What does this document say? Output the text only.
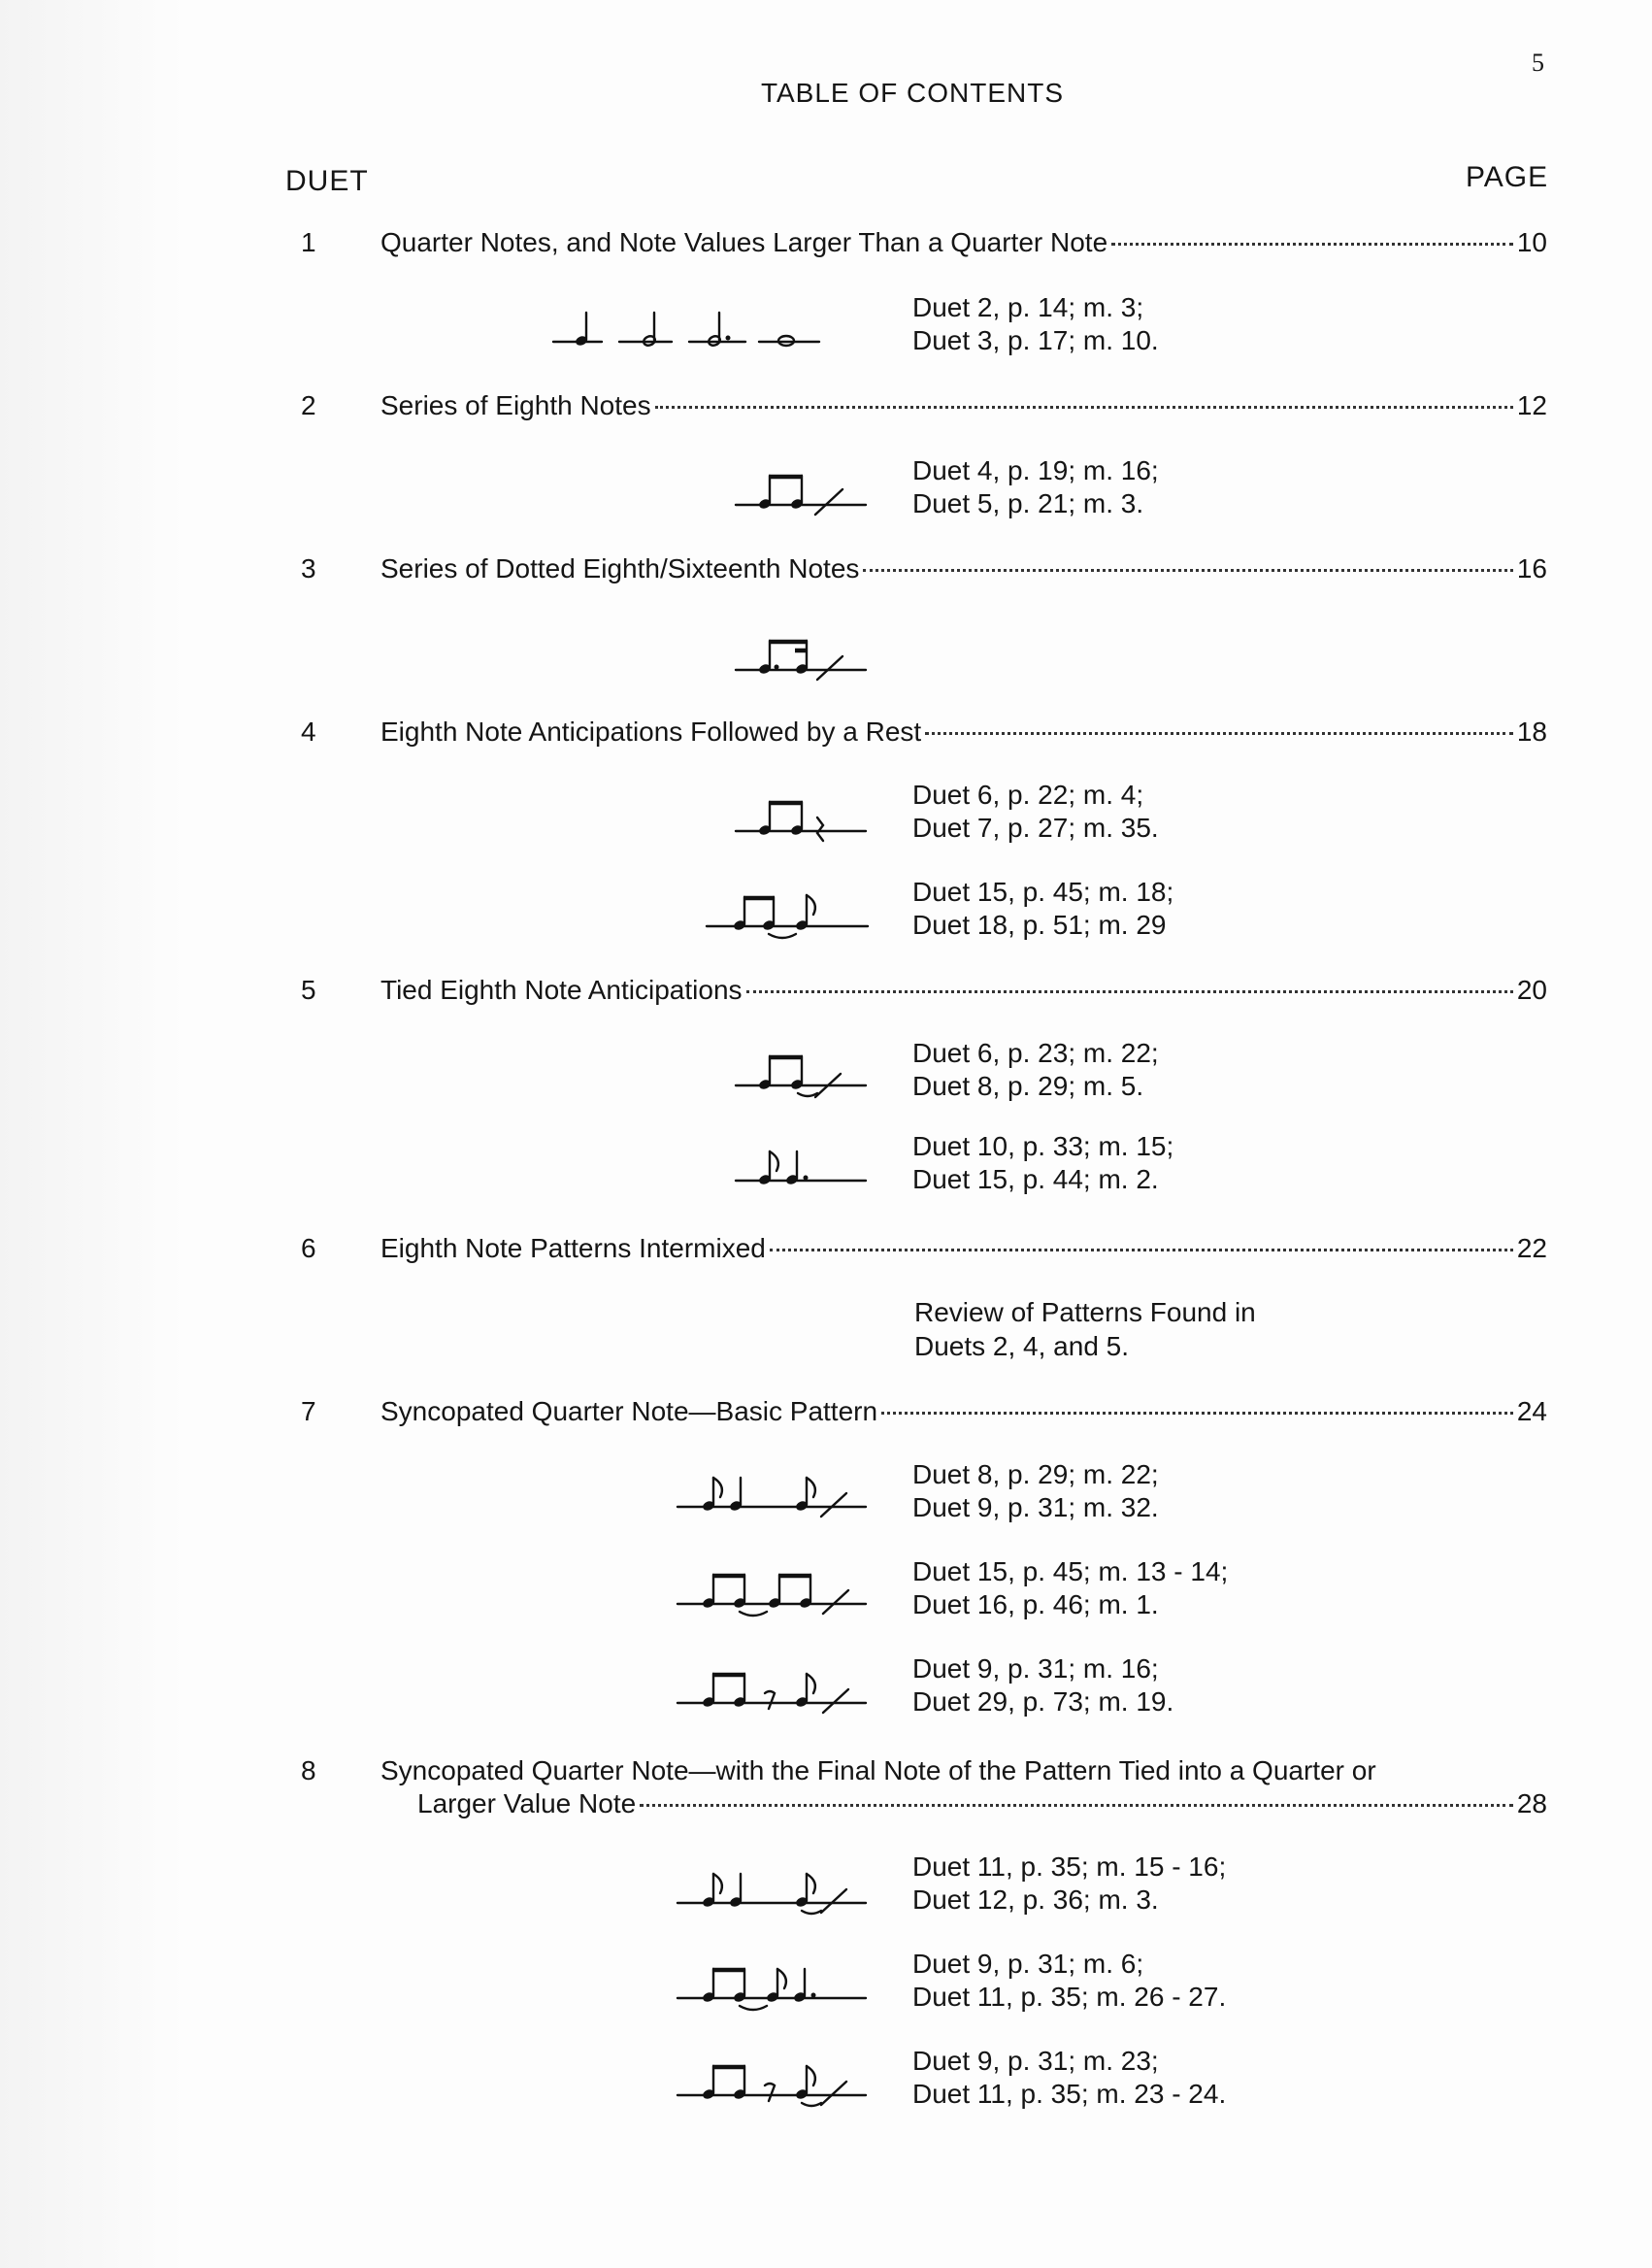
5
TABLE OF CONTENTS
DUET	PAGE
1 Quarter Notes, and Note Values Larger Than a Quarter Note	10
Duet 2, p. 14; m. 3;
Duet 3, p. 17; m. 10.
2 Series of Eighth Notes	12
Duet 4, p. 19; m. 16;
Duet 5, p. 21; m. 3.
3 Series of Dotted Eighth/Sixteenth Notes	16
4 Eighth Note Anticipations Followed by a Rest	18
Duet 6, p. 22; m. 4;
Duet 7, p. 27; m. 35.
Duet 15, p. 45; m. 18;
Duet 18, p. 51; m. 29
5 Tied Eighth Note Anticipations	20
Duet 6, p. 23; m. 22;
Duet 8, p. 29; m. 5.
Duet 10, p. 33; m. 15;
Duet 15, p. 44; m. 2.
6 Eighth Note Patterns Intermixed	22
Review of Patterns Found in
Duets 2, 4, and 5.
7 Syncopated Quarter Note—Basic Pattern	24
Duet 8, p. 29; m. 22;
Duet 9, p. 31; m. 32.
Duet 15, p. 45; m. 13 - 14;
Duet 16, p. 46; m. 1.
Duet 9, p. 31; m. 16;
Duet 29, p. 73; m. 19.
8 Syncopated Quarter Note—with the Final Note of the Pattern Tied into a Quarter or
Larger Value Note	28
Duet 11, p. 35; m. 15 - 16;
Duet 12, p. 36; m. 3.
Duet 9, p. 31; m. 6;
Duet 11, p. 35; m. 26 - 27.
Duet 9, p. 31; m. 23;
Duet 11, p. 35; m. 23 - 24.
